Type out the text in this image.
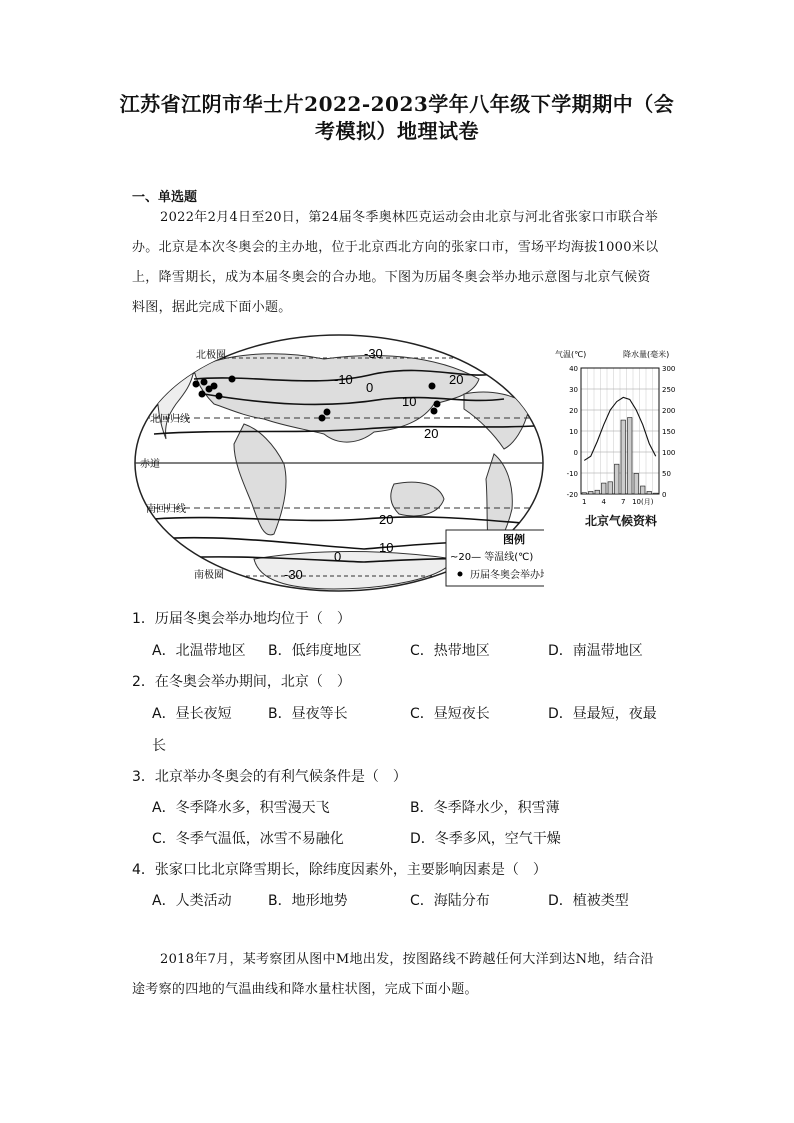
江苏省江阴市华士片2022-2023学年八年级下学期期中（会
考模拟）地理试卷
一、单选题
2022年2月4日至20日，第24届冬季奥林匹克运动会由北京与河北省张家口市联合举办。北京是本次冬奥会的主办地，位于北京西北方向的张家口市，雪场平均海拔1000米以上，降雪期长，成为本届冬奥会的合办地。下图为历届冬奥会举办地示意图与北京气候资料图，据此完成下面小题。
-30
-10
0
10
20
20
20
10
0
-30
北极圈
北回归线
赤道
南回归线
南极圈
图例
~20— 等温线(℃)
历届冬奥会举办地
气温(℃)	降水量(毫米)
40	300
30	250
20	200
10	150
0	100
-10	50
-20	0
1 4 7 10(月)
北京气候资料
1．历届冬奥会举办地均位于（　）
A．北温带地区 B．低纬度地区	C．热带地区	D．南温带地区
2．在冬奥会举办期间，北京（　）
A．昼长夜短	B．昼夜等长	C．昼短夜长	D．昼最短，夜最
长
3．北京举办冬奥会的有利气候条件是（　）
A．冬季降水多，积雪漫天飞	B．冬季降水少，积雪薄
C．冬季气温低，冰雪不易融化	D．冬季多风，空气干燥
4．张家口比北京降雪期长，除纬度因素外，主要影响因素是（　）
A．人类活动	B．地形地势	C．海陆分布	D．植被类型
2018年7月，某考察团从图中M地出发，按图路线不跨越任何大洋到达N地，结合沿途考察的四地的气温曲线和降水量柱状图，完成下面小题。
